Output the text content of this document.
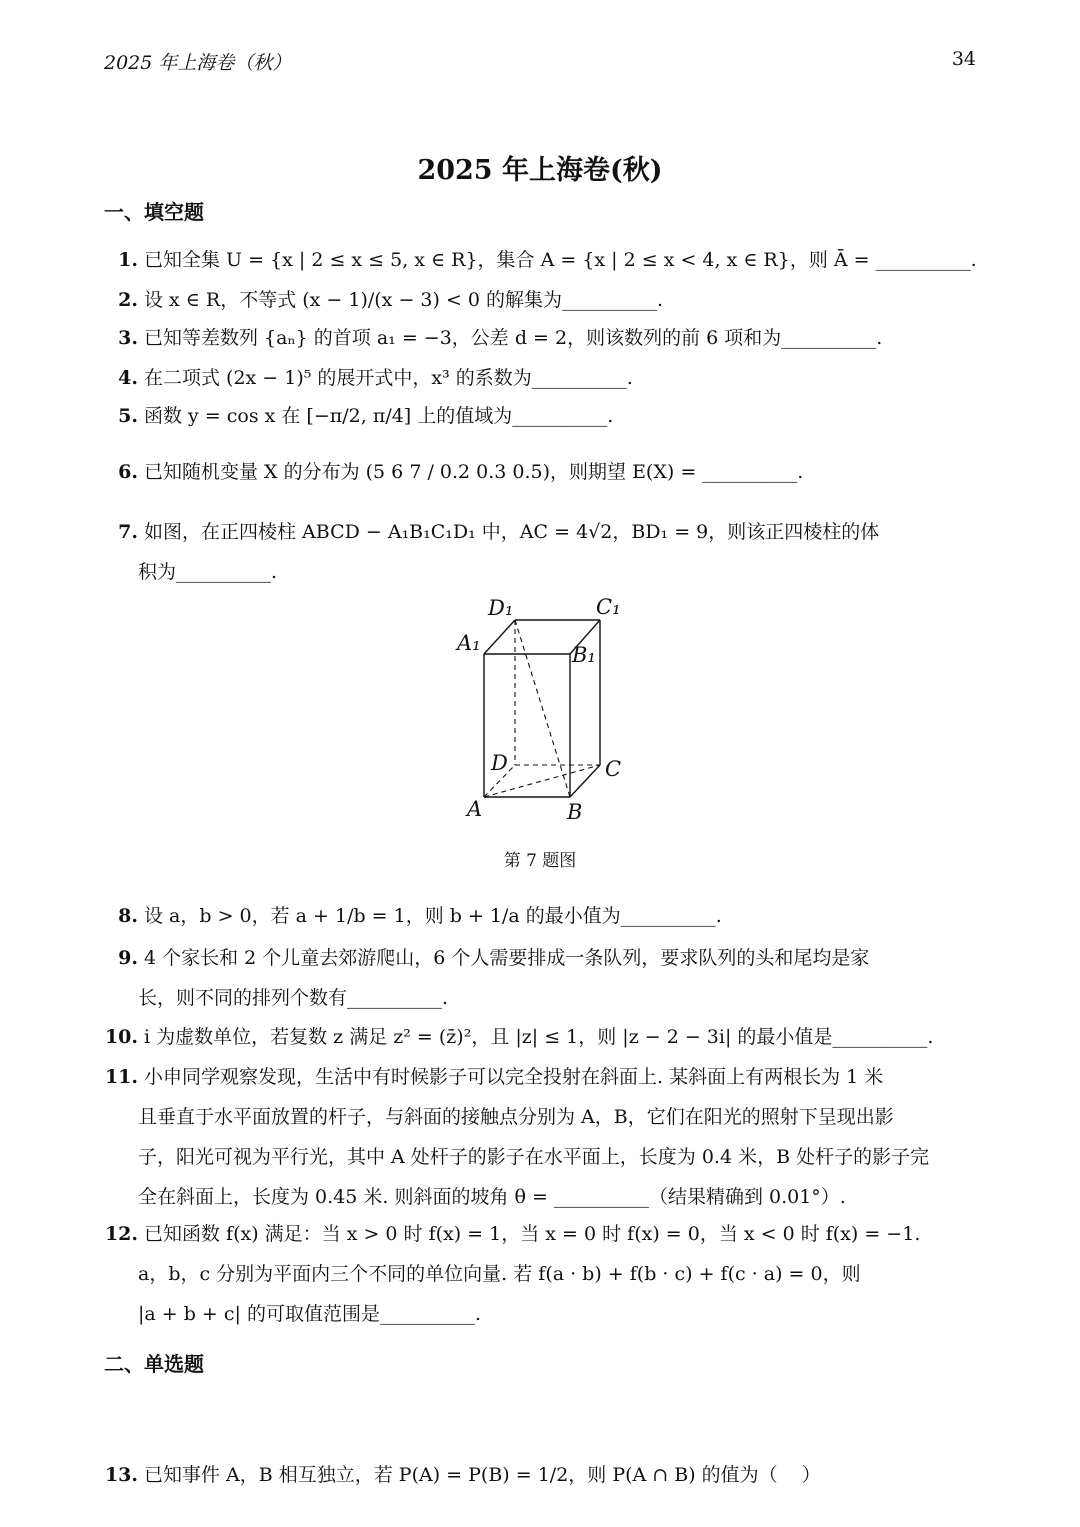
2025 年上海卷（秋）	34
2025 年上海卷(秋)
一、填空题
1. 已知全集 U = {x | 2 ≤ x ≤ 5, x ∈ R}，集合 A = {x | 2 ≤ x < 4, x ∈ R}，则 Ā = __________.
2. 设 x ∈ R，不等式 (x − 1)/(x − 3) < 0 的解集为__________.
3. 已知等差数列 {aₙ} 的首项 a₁ = −3，公差 d = 2，则该数列的前 6 项和为__________.
4. 在二项式 (2x − 1)⁵ 的展开式中，x³ 的系数为__________.
5. 函数 y = cos x 在 [−π/2, π/4] 上的值域为__________.
6. 已知随机变量 X 的分布为 (5 6 7 / 0.2 0.3 0.5)，则期望 E(X) = __________.
7. 如图，在正四棱柱 ABCD − A₁B₁C₁D₁ 中，AC = 4√2，BD₁ = 9，则该正四棱柱的体
积为__________.
D₁	C₁
A₁	B₁
D	C
A	B
第 7 题图
8. 设 a，b > 0，若 a + 1/b = 1，则 b + 1/a 的最小值为__________.
9. 4 个家长和 2 个儿童去郊游爬山，6 个人需要排成一条队列，要求队列的头和尾均是家
长，则不同的排列个数有__________.
10. i 为虚数单位，若复数 z 满足 z² = (z̄)²，且 |z| ≤ 1，则 |z − 2 − 3i| 的最小值是__________.
11. 小申同学观察发现，生活中有时候影子可以完全投射在斜面上. 某斜面上有两根长为 1 米
且垂直于水平面放置的杆子，与斜面的接触点分别为 A，B，它们在阳光的照射下呈现出影
子，阳光可视为平行光，其中 A 处杆子的影子在水平面上，长度为 0.4 米，B 处杆子的影子完
全在斜面上，长度为 0.45 米. 则斜面的坡角 θ = __________（结果精确到 0.01°）.
12. 已知函数 f(x) 满足：当 x > 0 时 f(x) = 1，当 x = 0 时 f(x) = 0，当 x < 0 时 f(x) = −1.
a，b，c 分别为平面内三个不同的单位向量. 若 f(a · b) + f(b · c) + f(c · a) = 0，则
|a + b + c| 的可取值范围是__________.
二、单选题
13. 已知事件 A，B 相互独立，若 P(A) = P(B) = 1/2，则 P(A ∩ B) 的值为（    ）
